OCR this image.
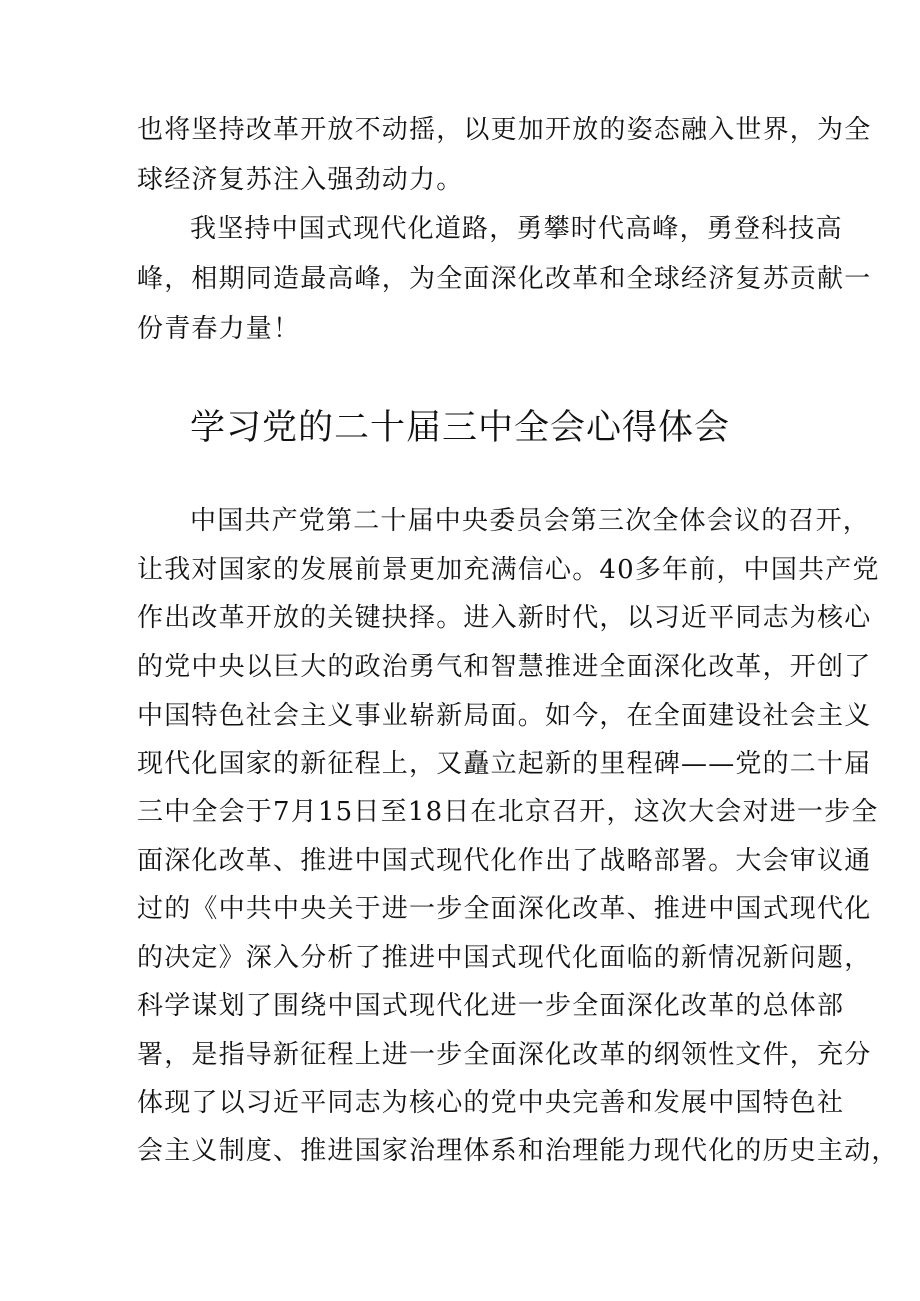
也将坚持改革开放不动摇，以更加开放的姿态融入世界，为全
球经济复苏注入强劲动力。
我坚持中国式现代化道路，勇攀时代高峰，勇登科技高
峰，相期同造最高峰，为全面深化改革和全球经济复苏贡献一
份青春力量！
学习党的二十届三中全会心得体会
中国共产党第二十届中央委员会第三次全体会议的召开，
让我对国家的发展前景更加充满信心。40多年前，中国共产党
作出改革开放的关键抉择。进入新时代，以习近平同志为核心
的党中央以巨大的政治勇气和智慧推进全面深化改革，开创了
中国特色社会主义事业崭新局面。如今，在全面建设社会主义
现代化国家的新征程上，又矗立起新的里程碑——党的二十届
三中全会于7月15日至18日在北京召开，这次大会对进一步全
面深化改革、推进中国式现代化作出了战略部署。大会审议通
过的《中共中央关于进一步全面深化改革、推进中国式现代化
的决定》深入分析了推进中国式现代化面临的新情况新问题，
科学谋划了围绕中国式现代化进一步全面深化改革的总体部
署，是指导新征程上进一步全面深化改革的纲领性文件，充分
体现了以习近平同志为核心的党中央完善和发展中国特色社
会主义制度、推进国家治理体系和治理能力现代化的历史主动，
